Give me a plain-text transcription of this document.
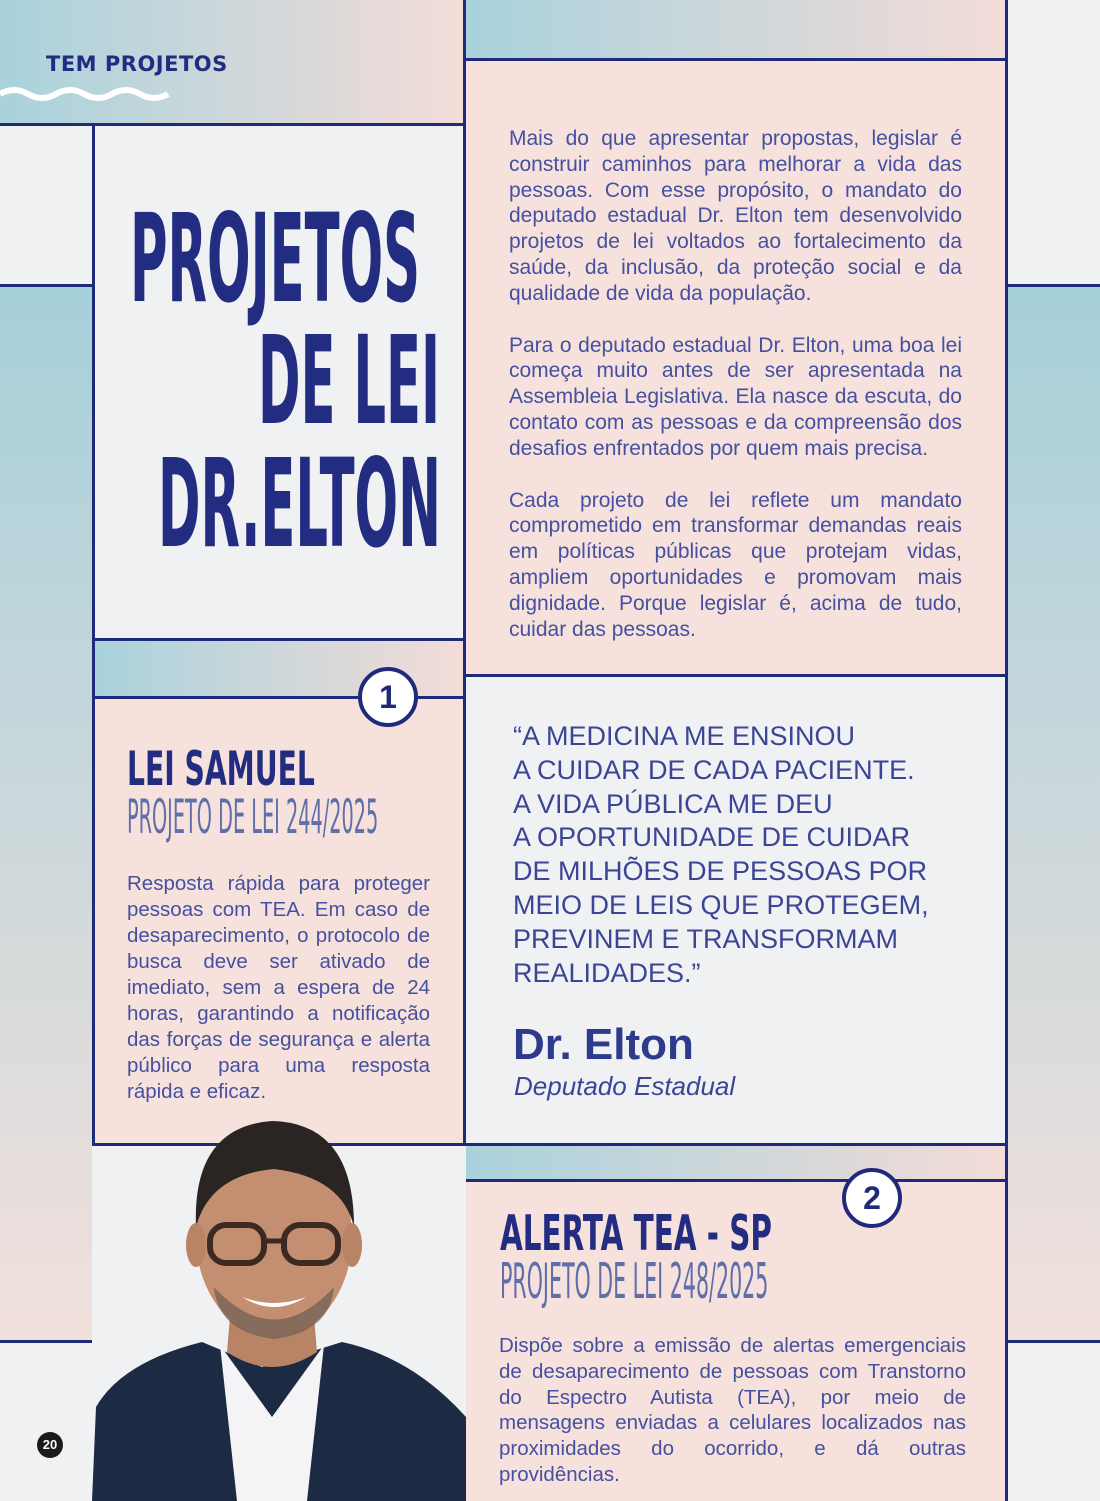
TEM PROJETOS
PROJETOS
DE LEI
DR.ELTON

Mais do que apresentar propostas, legislar é construir caminhos para melhorar a vida das pessoas. Com esse propósito, o mandato do deputado estadual Dr. Elton tem desenvolvido projetos de lei voltados ao fortalecimento da saúde, da inclusão, da proteção social e da qualidade de vida da população.

Para o deputado estadual Dr. Elton, uma boa lei começa muito antes de ser apresentada na Assembleia Legislativa. Ela nasce da escuta, do contato com as pessoas e da compreensão dos desafios enfrentados por quem mais precisa.

Cada projeto de lei reflete um mandato comprometido em transformar demandas reais em políticas públicas que protejam vidas, ampliem oportunidades e promovam mais dignidade. Porque legislar é, acima de tudo, cuidar das pessoas.

1
LEI SAMUEL
PROJETO DE LEI 244/2025

Resposta rápida para proteger pessoas com TEA. Em caso de desaparecimento, o protocolo de busca deve ser ativado de imediato, sem a espera de 24 horas, garantindo a notificação das forças de segurança e alerta público para uma resposta rápida e eficaz.

“A MEDICINA ME ENSINOU
A CUIDAR DE CADA PACIENTE.
A VIDA PÚBLICA ME DEU
A OPORTUNIDADE DE CUIDAR
DE MILHÕES DE PESSOAS POR
MEIO DE LEIS QUE PROTEGEM,
PREVINEM E TRANSFORMAM
REALIDADES.”
Dr. Elton
Deputado Estadual
2
ALERTA TEA - SP
PROJETO DE LEI 248/2025

Dispõe sobre a emissão de alertas emergenciais de desaparecimento de pessoas com Transtorno do Espectro Autista (TEA), por meio de mensagens enviadas a celulares localizados nas proximidades do ocorrido, e dá outras providências.

20
